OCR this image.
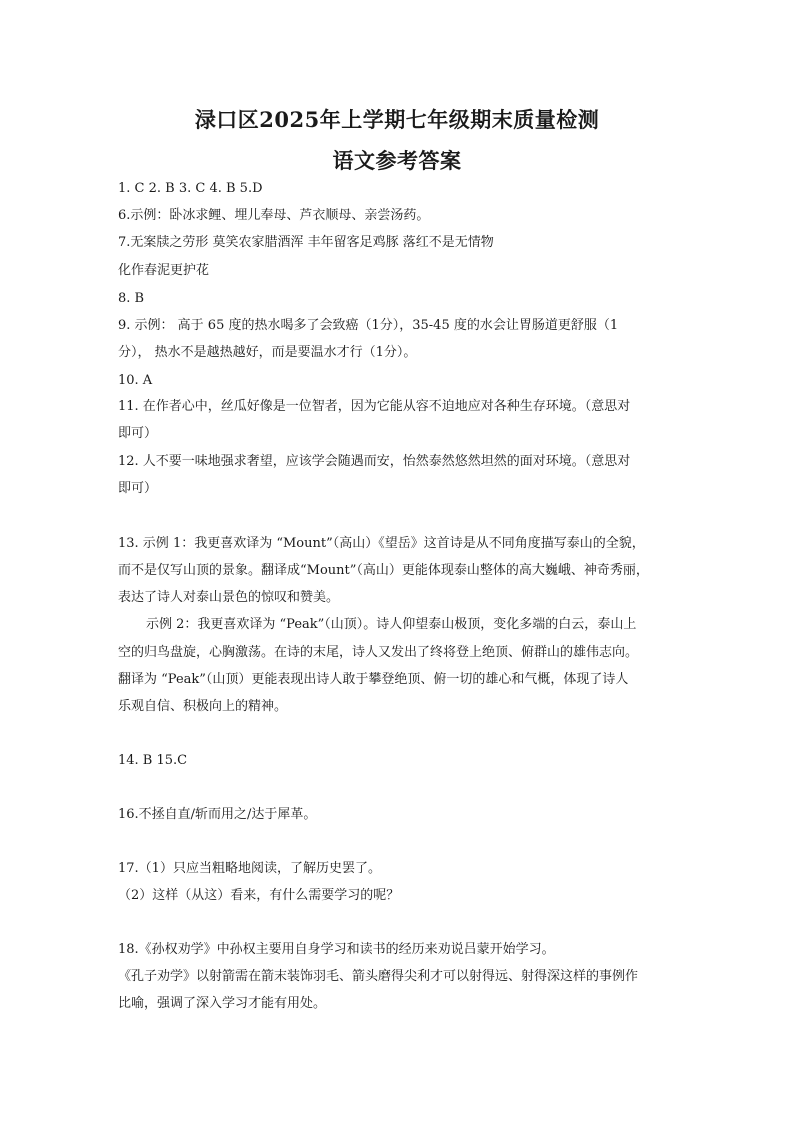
渌口区2025年上学期七年级期末质量检测
语文参考答案
1. C 2. B 3. C 4. B 5.D
6.示例：卧冰求鲤、埋儿奉母、芦衣顺母、亲尝汤药。
7.无案牍之劳形 莫笑农家腊酒浑 丰年留客足鸡豚 落红不是无情物
化作春泥更护花
8. B
9. 示例： 高于 65 度的热水喝多了会致癌（1分），35-45 度的水会让胃肠道更舒服（1
分）， 热水不是越热越好，而是要温水才行（1分）。
10. A
11. 在作者心中，丝瓜好像是一位智者，因为它能从容不迫地应对各种生存环境。（意思对
即可）
12. 人不要一味地强求奢望，应该学会随遇而安，怡然泰然悠然坦然的面对环境。（意思对
即可）
13. 示例 1：我更喜欢译为 “Mount”（高山）《望岳》这首诗是从不同角度描写泰山的全貌，
而不是仅写山顶的景象。翻译成“Mount”（高山）更能体现泰山整体的高大巍峨、神奇秀丽，
表达了诗人对泰山景色的惊叹和赞美。
示例 2：我更喜欢译为 “Peak”（山顶）。诗人仰望泰山极顶，变化多端的白云，泰山上
空的归鸟盘旋，心胸激荡。在诗的末尾，诗人又发出了终将登上绝顶、俯群山的雄伟志向。
翻译为 “Peak”（山顶）更能表现出诗人敢于攀登绝顶、俯一切的雄心和气概，体现了诗人
乐观自信、积极向上的精神。
14. B 15.C
16.不拯自直/斩而用之/达于犀革。
17.（1）只应当粗略地阅读，了解历史罢了。
（2）这样（从这）看来，有什么需要学习的呢？
18.《孙权劝学》中孙权主要用自身学习和读书的经历来劝说吕蒙开始学习。
《孔子劝学》以射箭需在箭末装饰羽毛、箭头磨得尖利才可以射得远、射得深这样的事例作
比喻，强调了深入学习才能有用处。
